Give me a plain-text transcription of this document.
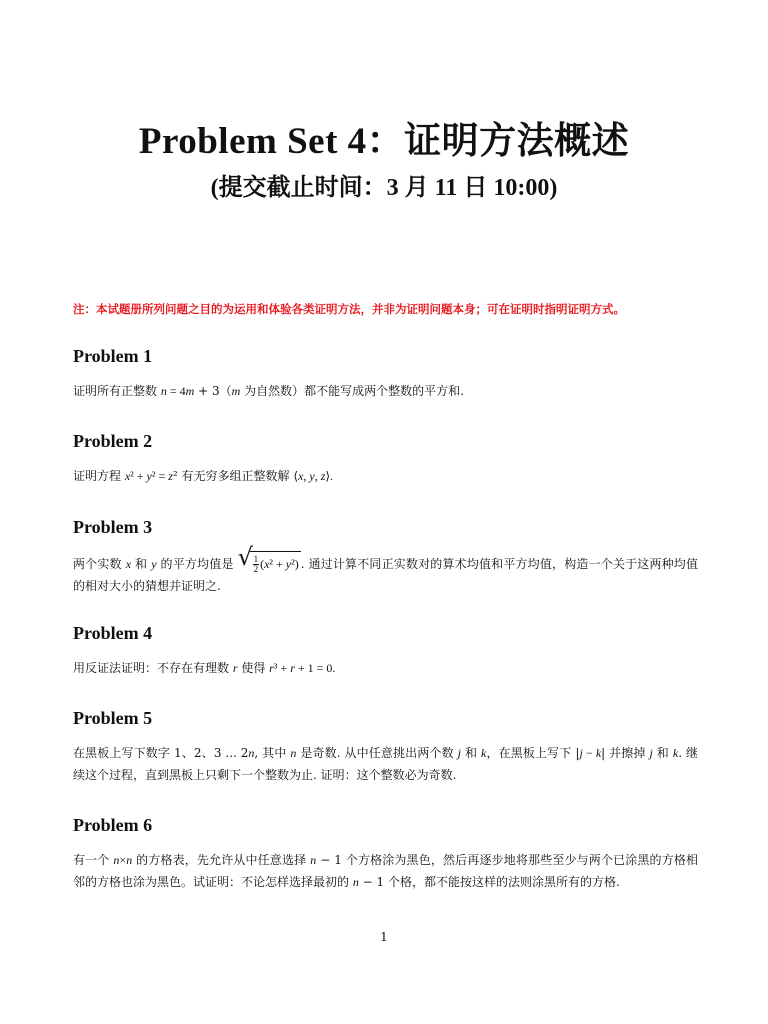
Problem Set 4：证明方法概述
(提交截止时间：3 月 11 日 10:00)
注：本试题册所列问题之目的为运用和体验各类证明方法，并非为证明问题本身；可在证明时指明证明方式。
Problem 1
证明所有正整数 n = 4m + 3（m 为自然数）都不能写成两个整数的平方和.
Problem 2
证明方程 x² + y² = z² 有无穷多组正整数解 ⟨x, y, z⟩.
Problem 3
两个实数 x 和 y 的平方均值是 √ $\frac{1}{2} (x^2 + y^2)$ . 通过计算不同正实数对的算术均值和平方均值，构造一个关于这两种均值的相对大小的猜想并证明之.
Problem 4
用反证法证明：不存在有理数 r 使得 r³ + r + 1 = 0.
Problem 5
在黑板上写下数字 1、2、3 ... 2n, 其中 n 是奇数. 从中任意挑出两个数 j 和 k，在黑板上写下 |j − k| 并擦掉 j 和 k. 继续这个过程，直到黑板上只剩下一个整数为止. 证明：这个整数必为奇数.
Problem 6
有一个 n×n 的方格表，先允许从中任意选择 n − 1 个方格涂为黑色，然后再逐步地将那些至少与两个已涂黑的方格相邻的方格也涂为黑色。试证明：不论怎样选择最初的 n − 1 个格，都不能按这样的法则涂黑所有的方格.
1
